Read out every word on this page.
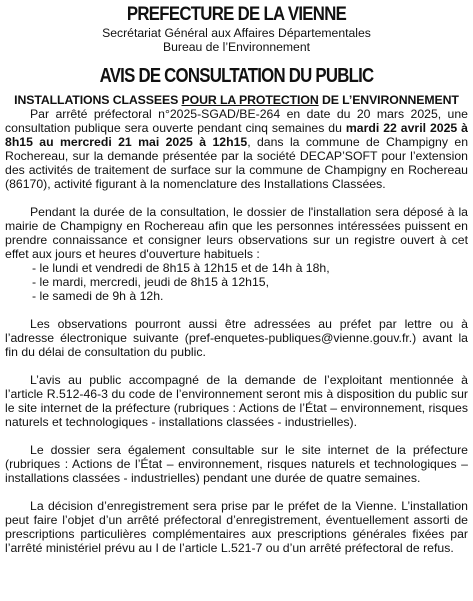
PREFECTURE DE LA VIENNE
Secrétariat Général aux Affaires Départementales
Bureau de l’Environnement
AVIS DE CONSULTATION DU PUBLIC
INSTALLATIONS CLASSEES POUR LA PROTECTION DE L’ENVIRONNEMENT

Par arrêté préfectoral n°2025-SGAD/BE-264 en date du 20 mars 2025, une consultation publique sera ouverte pendant cinq semaines du mardi 22 avril 2025 à 8h15 au mercredi 21 mai 2025 à 12h15, dans la commune de Champigny en Rochereau, sur la demande présentée par la société DECAP’SOFT pour l’extension des activités de traitement de surface sur la commune de Champigny en Rochereau (86170), activité figurant à la nomenclature des Installations Classées.

Pendant la durée de la consultation, le dossier de l'installation sera déposé à la mairie de Champigny en Rochereau afin que les personnes intéressées puissent en prendre connaissance et consigner leurs observations sur un registre ouvert à cet effet aux jours et heures d'ouverture habituels :

- le lundi et vendredi de 8h15 à 12h15 et de 14h à 18h,
- le mardi, mercredi, jeudi de 8h15 à 12h15,
- le samedi de 9h à 12h.

Les observations pourront aussi être adressées au préfet par lettre ou à l’adresse électronique suivante (pref-enquetes-publiques@vienne.gouv.fr.) avant la fin du délai de consultation du public.

L’avis au public accompagné de la demande de l’exploitant mentionnée à l’article R.512-46-3 du code de l’environnement seront mis à disposition du public sur le site internet de la préfecture (rubriques : Actions de l’État – environnement, risques naturels et technologiques - installations classées - industrielles).

Le dossier sera également consultable sur le site internet de la préfecture (rubriques : Actions de l’État – environnement, risques naturels et technologiques – installations classées - industrielles) pendant une durée de quatre semaines.

La décision d’enregistrement sera prise par le préfet de la Vienne. L’installation peut faire l’objet d’un arrêté préfectoral d’enregistrement, éventuellement assorti de prescriptions particulières complémentaires aux prescriptions générales fixées par l’arrêté ministériel prévu au I de l’article L.521-7 ou d’un arrêté préfectoral de refus.
